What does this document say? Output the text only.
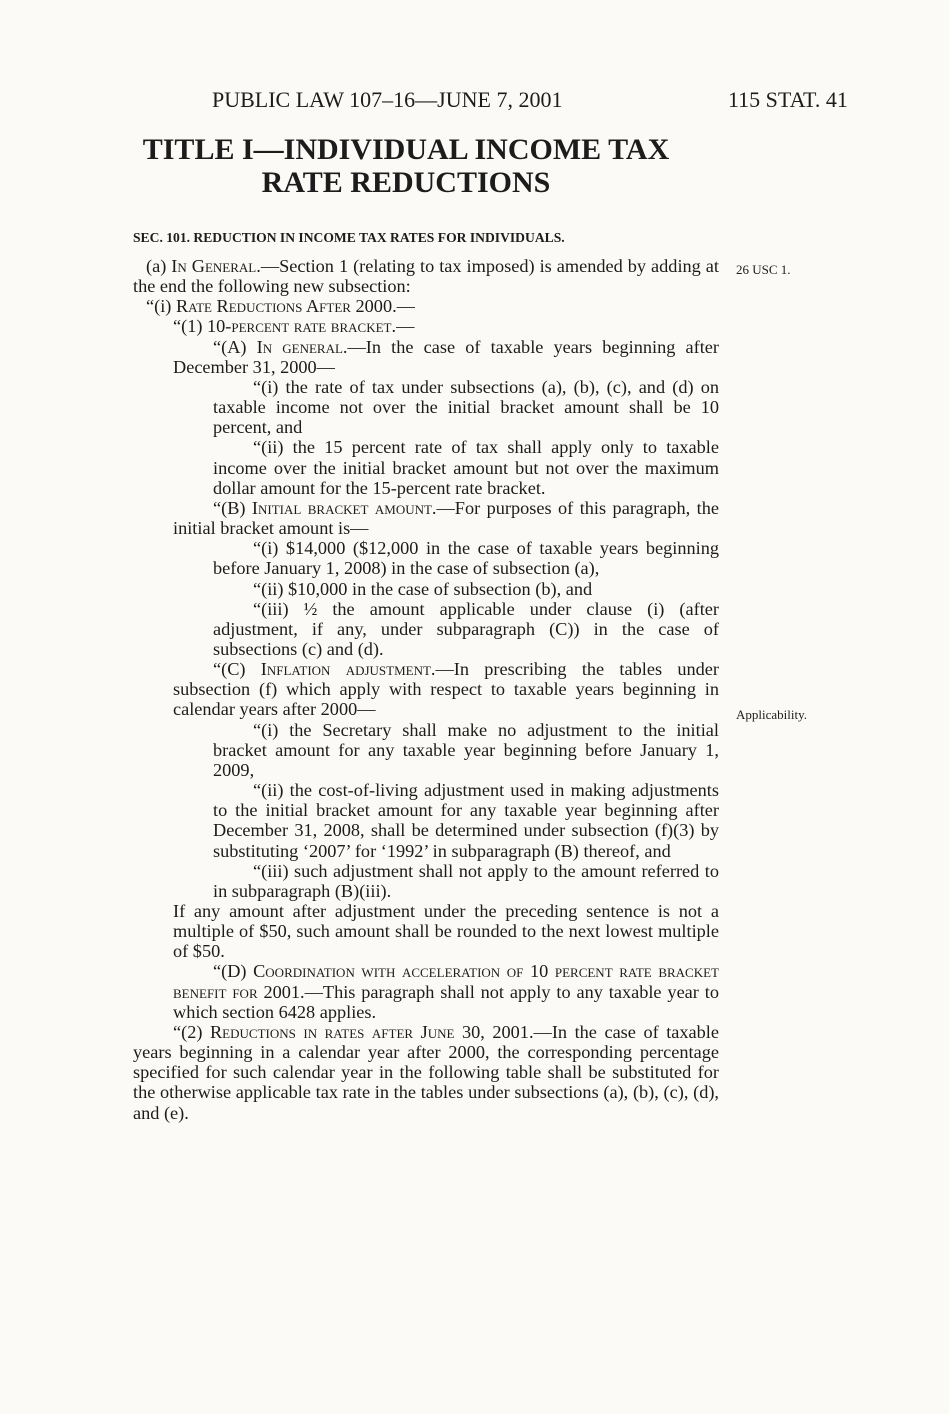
PUBLIC LAW 107–16—JUNE 7, 2001	115 STAT. 41
TITLE I—INDIVIDUAL INCOME TAX
RATE REDUCTIONS
SEC. 101. REDUCTION IN INCOME TAX RATES FOR INDIVIDUALS.
26 USC 1.
Applicability.

(a) In General.—Section 1 (relating to tax imposed) is amended by adding at the end the following new subsection:

“(i) Rate Reductions After 2000.—

“(1) 10-percent rate bracket.—

“(A) In general.—In the case of taxable years beginning after December 31, 2000—

“(i) the rate of tax under subsections (a), (b), (c), and (d) on taxable income not over the initial bracket amount shall be 10 percent, and

“(ii) the 15 percent rate of tax shall apply only to taxable income over the initial bracket amount but not over the maximum dollar amount for the 15-percent rate bracket.

“(B) Initial bracket amount.—For purposes of this paragraph, the initial bracket amount is—

“(i) $14,000 ($12,000 in the case of taxable years beginning before January 1, 2008) in the case of subsection (a),

“(ii) $10,000 in the case of subsection (b), and

“(iii) ½ the amount applicable under clause (i) (after adjustment, if any, under subparagraph (C)) in the case of subsections (c) and (d).

“(C) Inflation adjustment.—In prescribing the tables under subsection (f) which apply with respect to taxable years beginning in calendar years after 2000—

“(i) the Secretary shall make no adjustment to the initial bracket amount for any taxable year beginning before January 1, 2009,

“(ii) the cost-of-living adjustment used in making adjustments to the initial bracket amount for any taxable year beginning after December 31, 2008, shall be determined under subsection (f)(3) by substituting ‘2007’ for ‘1992’ in subparagraph (B) thereof, and

“(iii) such adjustment shall not apply to the amount referred to in subparagraph (B)(iii).

If any amount after adjustment under the preceding sentence is not a multiple of $50, such amount shall be rounded to the next lowest multiple of $50.

“(D) Coordination with acceleration of 10 percent rate bracket benefit for 2001.—This paragraph shall not apply to any taxable year to which section 6428 applies.

“(2) Reductions in rates after June 30, 2001.—In the case of taxable years beginning in a calendar year after 2000, the corresponding percentage specified for such calendar year in the following table shall be substituted for the otherwise applicable tax rate in the tables under subsections (a), (b), (c), (d), and (e).
